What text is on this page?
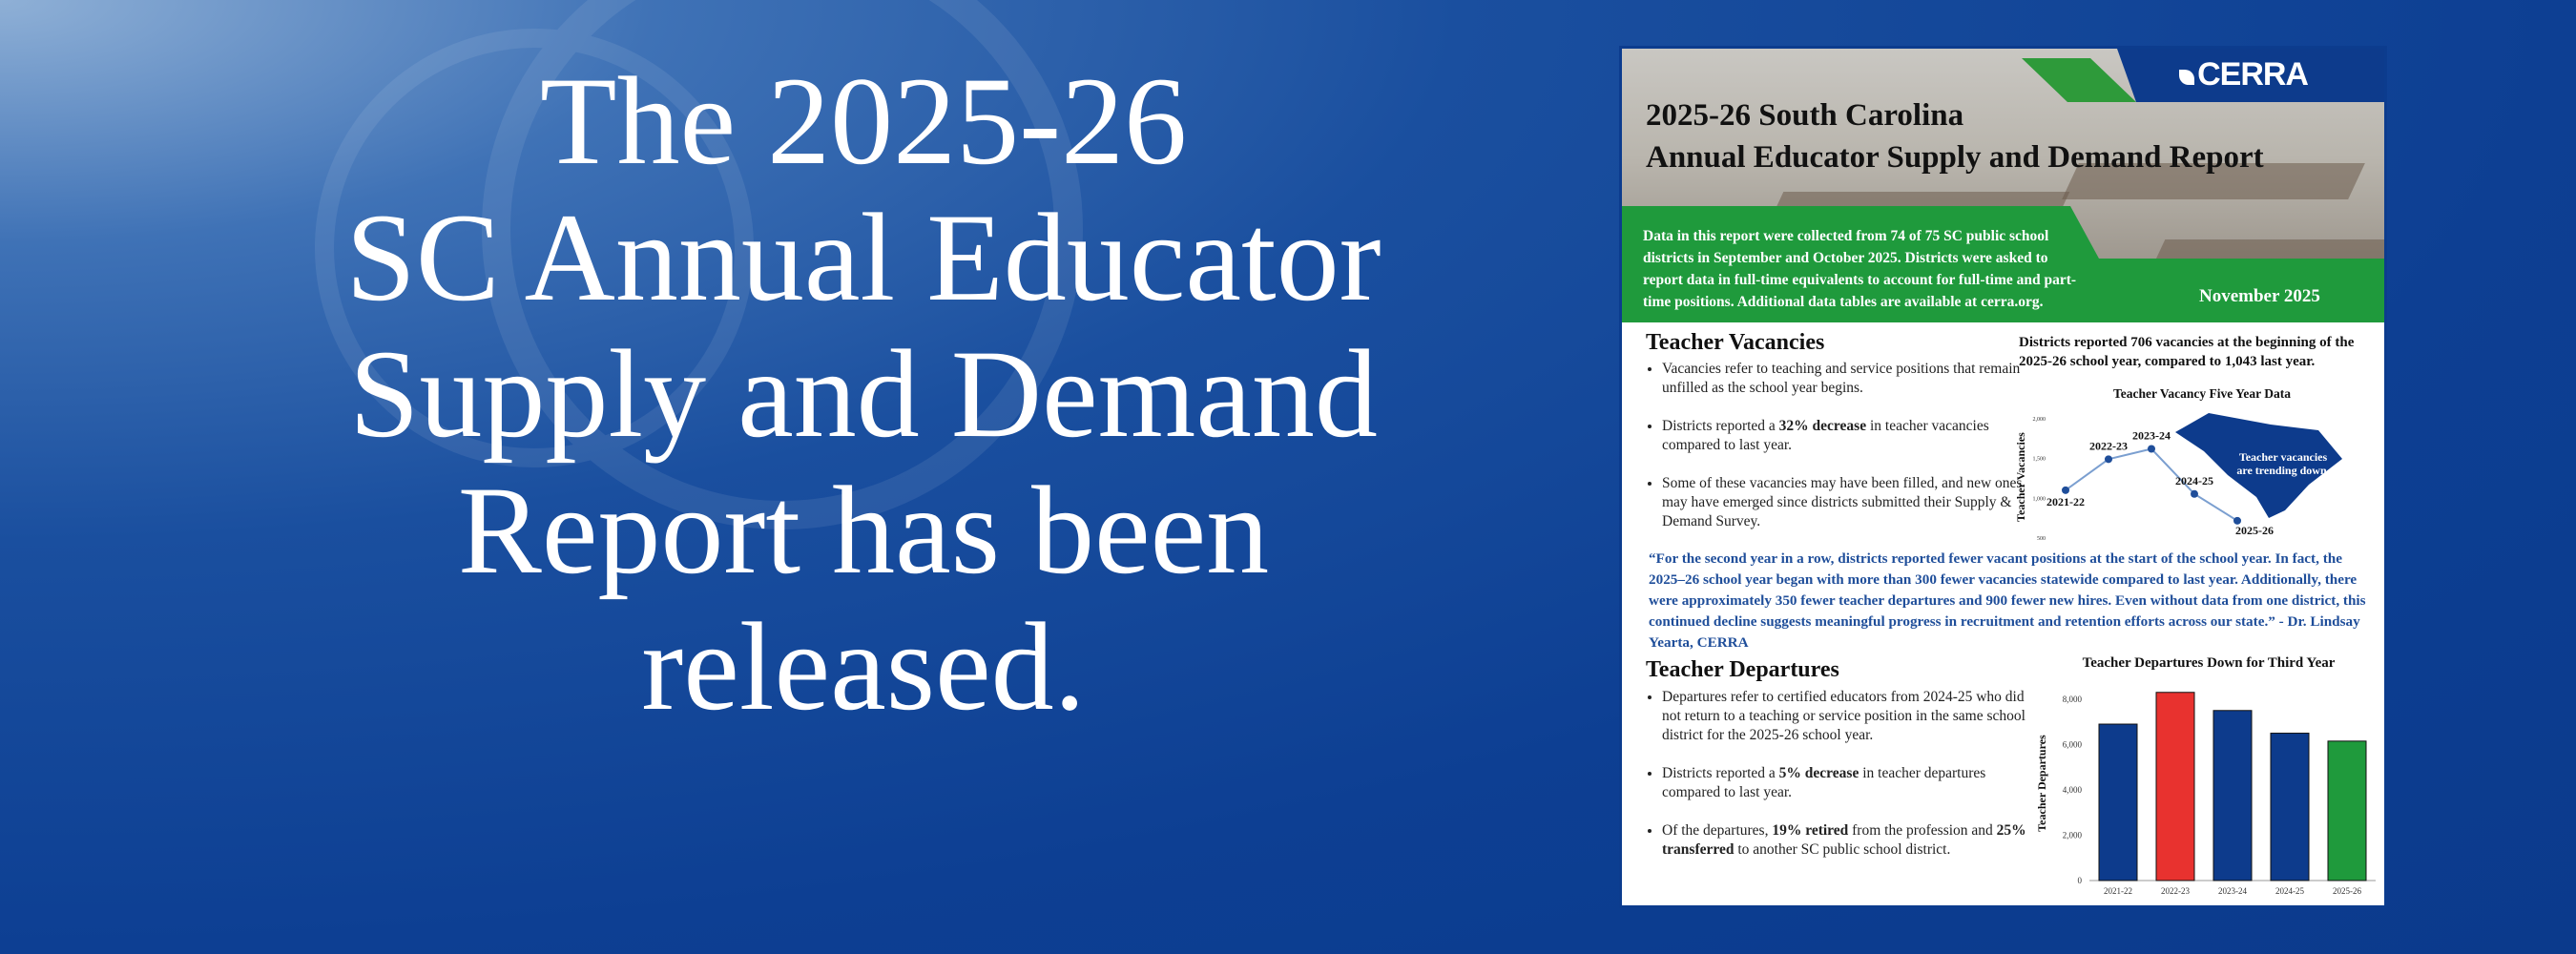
The 2025-26
SC Annual Educator
Supply and Demand
Report has been
released.
CERRA
2025-26 South Carolina
Annual Educator Supply and Demand Report
Data in this report were collected from 74 of 75 SC public school districts in September and October 2025. Districts were asked to report data in full-time equivalents to account for full-time and part-time positions. Additional data tables are available at cerra.org.	November 2025
Teacher Vacancies
• Vacancies refer to teaching and service positions that remain unfilled as the school year begins.
• Districts reported a 32% decrease in teacher vacancies compared to last year.
• Some of these vacancies may have been filled, and new ones may have emerged since districts submitted their Supply & Demand Survey.
Districts reported 706 vacancies at the beginning of the 2025-26 school year, compared to 1,043 last year.
Teacher Vacancy Five Year Data
Teacher vacancies
are trending down.
Teacher Vacancies
2,000
1,500
1,000
500
2021-22
2022-23
2023-24
2024-25
2025-26
“For the second year in a row, districts reported fewer vacant positions at the start of the school year. In fact, the 2025–26 school year began with more than 300 fewer vacancies statewide compared to last year. Additionally, there were approximately 350 fewer teacher departures and 900 fewer new hires. Even without data from one district, this continued decline suggests meaningful progress in recruitment and retention efforts across our state.” - Dr. Lindsay Yearta, CERRA
Teacher Departures
• Departures refer to certified educators from 2024-25 who did not return to a teaching or service position in the same school district for the 2025-26 school year.
• Districts reported a 5% decrease in teacher departures compared to last year.
• Of the departures, 19% retired from the profession and 25% transferred to another SC public school district.
Teacher Departures Down for Third Year
Teacher Departures
8,000
6,000
4,000
2,000
0
2021-22	2022-23	2023-24	2024-25	2025-26
